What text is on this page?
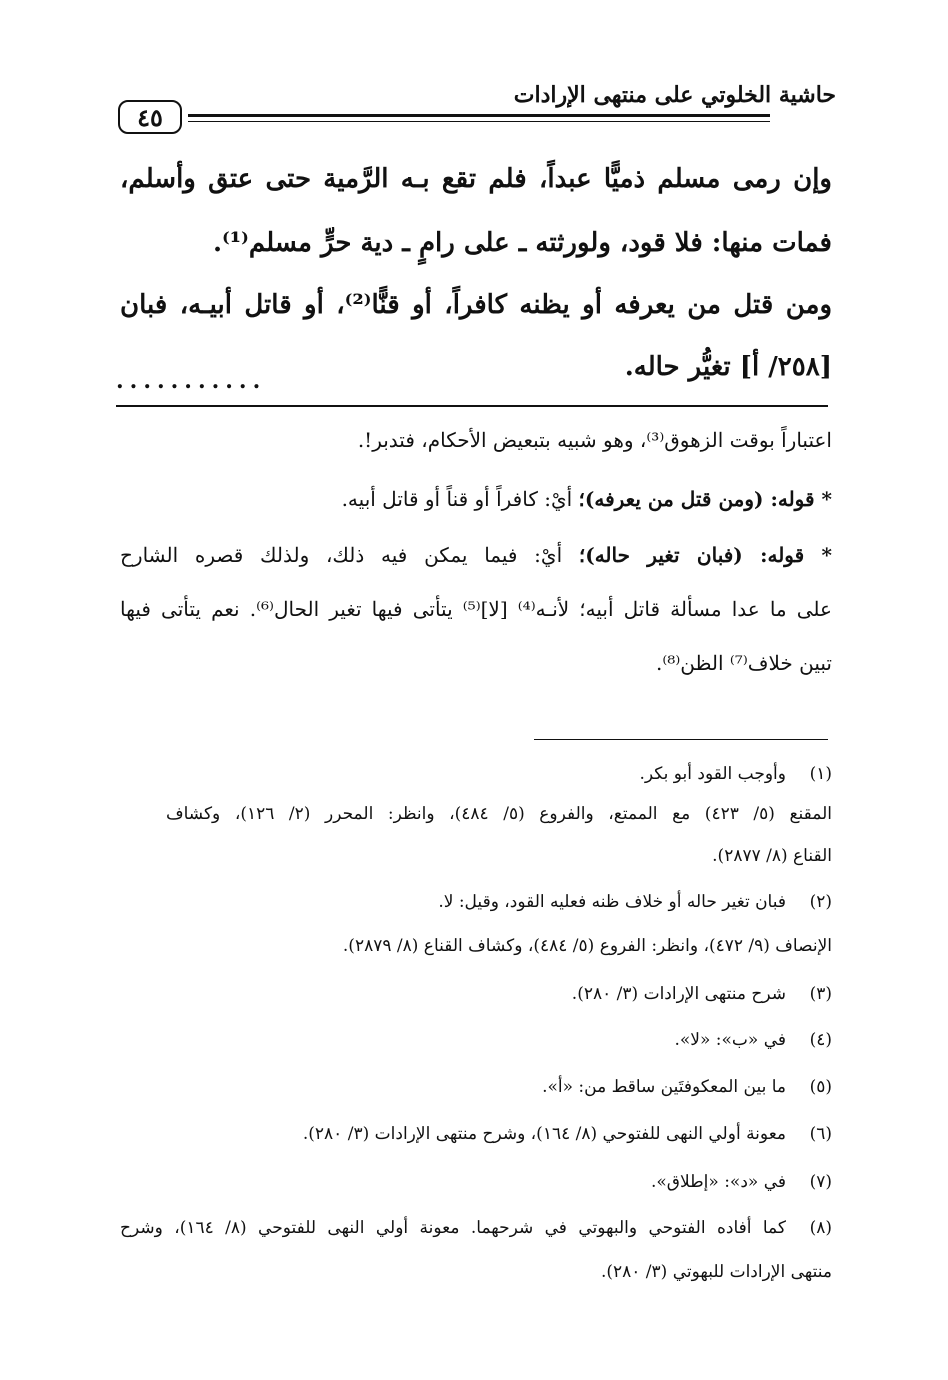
حاشية الخلوتي على منتهى الإرادات
٤٥
وإن رمى مسلم ذميًّا عبداً، فلم تقع بـه الرَّمية حتى عتق وأسلم،
فمات منها: فلا قود، ولورثته ـ على رامٍ ـ دية حرٍّ مسلم⁽¹⁾.
ومن قتل من يعرفه أو يظنه كافراً، أو قنًّا⁽²⁾، أو قاتل أبيـه، فبان
[٢٥٨/ أ] تغيُّر حاله.
...........
اعتباراً بوقت الزهوق⁽³⁾، وهو شبيه بتبعيض الأحكام، فتدبر!.
* قوله: (ومن قتل من يعرفه)؛ أيْ: كافراً أو قناً أو قاتل أبيه.
* قوله: (فبان تغير حاله)؛ أيْ: فيما يمكن فيه ذلك، ولذلك قصره الشارح
على ما عدا مسألة قاتل أبيه؛ لأنـه⁽⁴⁾ [لا]⁽⁵⁾ يتأتى فيها تغير الحال⁽⁶⁾. نعم يتأتى فيها
تبين خلاف⁽⁷⁾ الظن⁽⁸⁾.
(١)وأوجب القود أبو بكر.
المقنع (٥/ ٤٢٣) مع الممتع، والفروع (٥/ ٤٨٤)، وانظر: المحرر (٢/ ١٢٦)، وكشاف
القناع (٨/ ٢٨٧٧).
(٢)فبان تغير حاله أو خلاف ظنه فعليه القود، وقيل: لا.
الإنصاف (٩/ ٤٧٢)، وانظر: الفروع (٥/ ٤٨٤)، وكشاف القناع (٨/ ٢٨٧٩).
(٣)شرح منتهى الإرادات (٣/ ٢٨٠).
(٤)في «ب»: «لا».
(٥)ما بين المعكوفتَين ساقط من: «أ».
(٦)معونة أولي النهى للفتوحي (٨/ ١٦٤)، وشرح منتهى الإرادات (٣/ ٢٨٠).
(٧)في «د»: «إطلاق».
(٨)كما أفاده الفتوحي والبهوتي في شرحهما. معونة أولي النهى للفتوحي (٨/ ١٦٤)، وشرح
منتهى الإرادات للبهوتي (٣/ ٢٨٠).
